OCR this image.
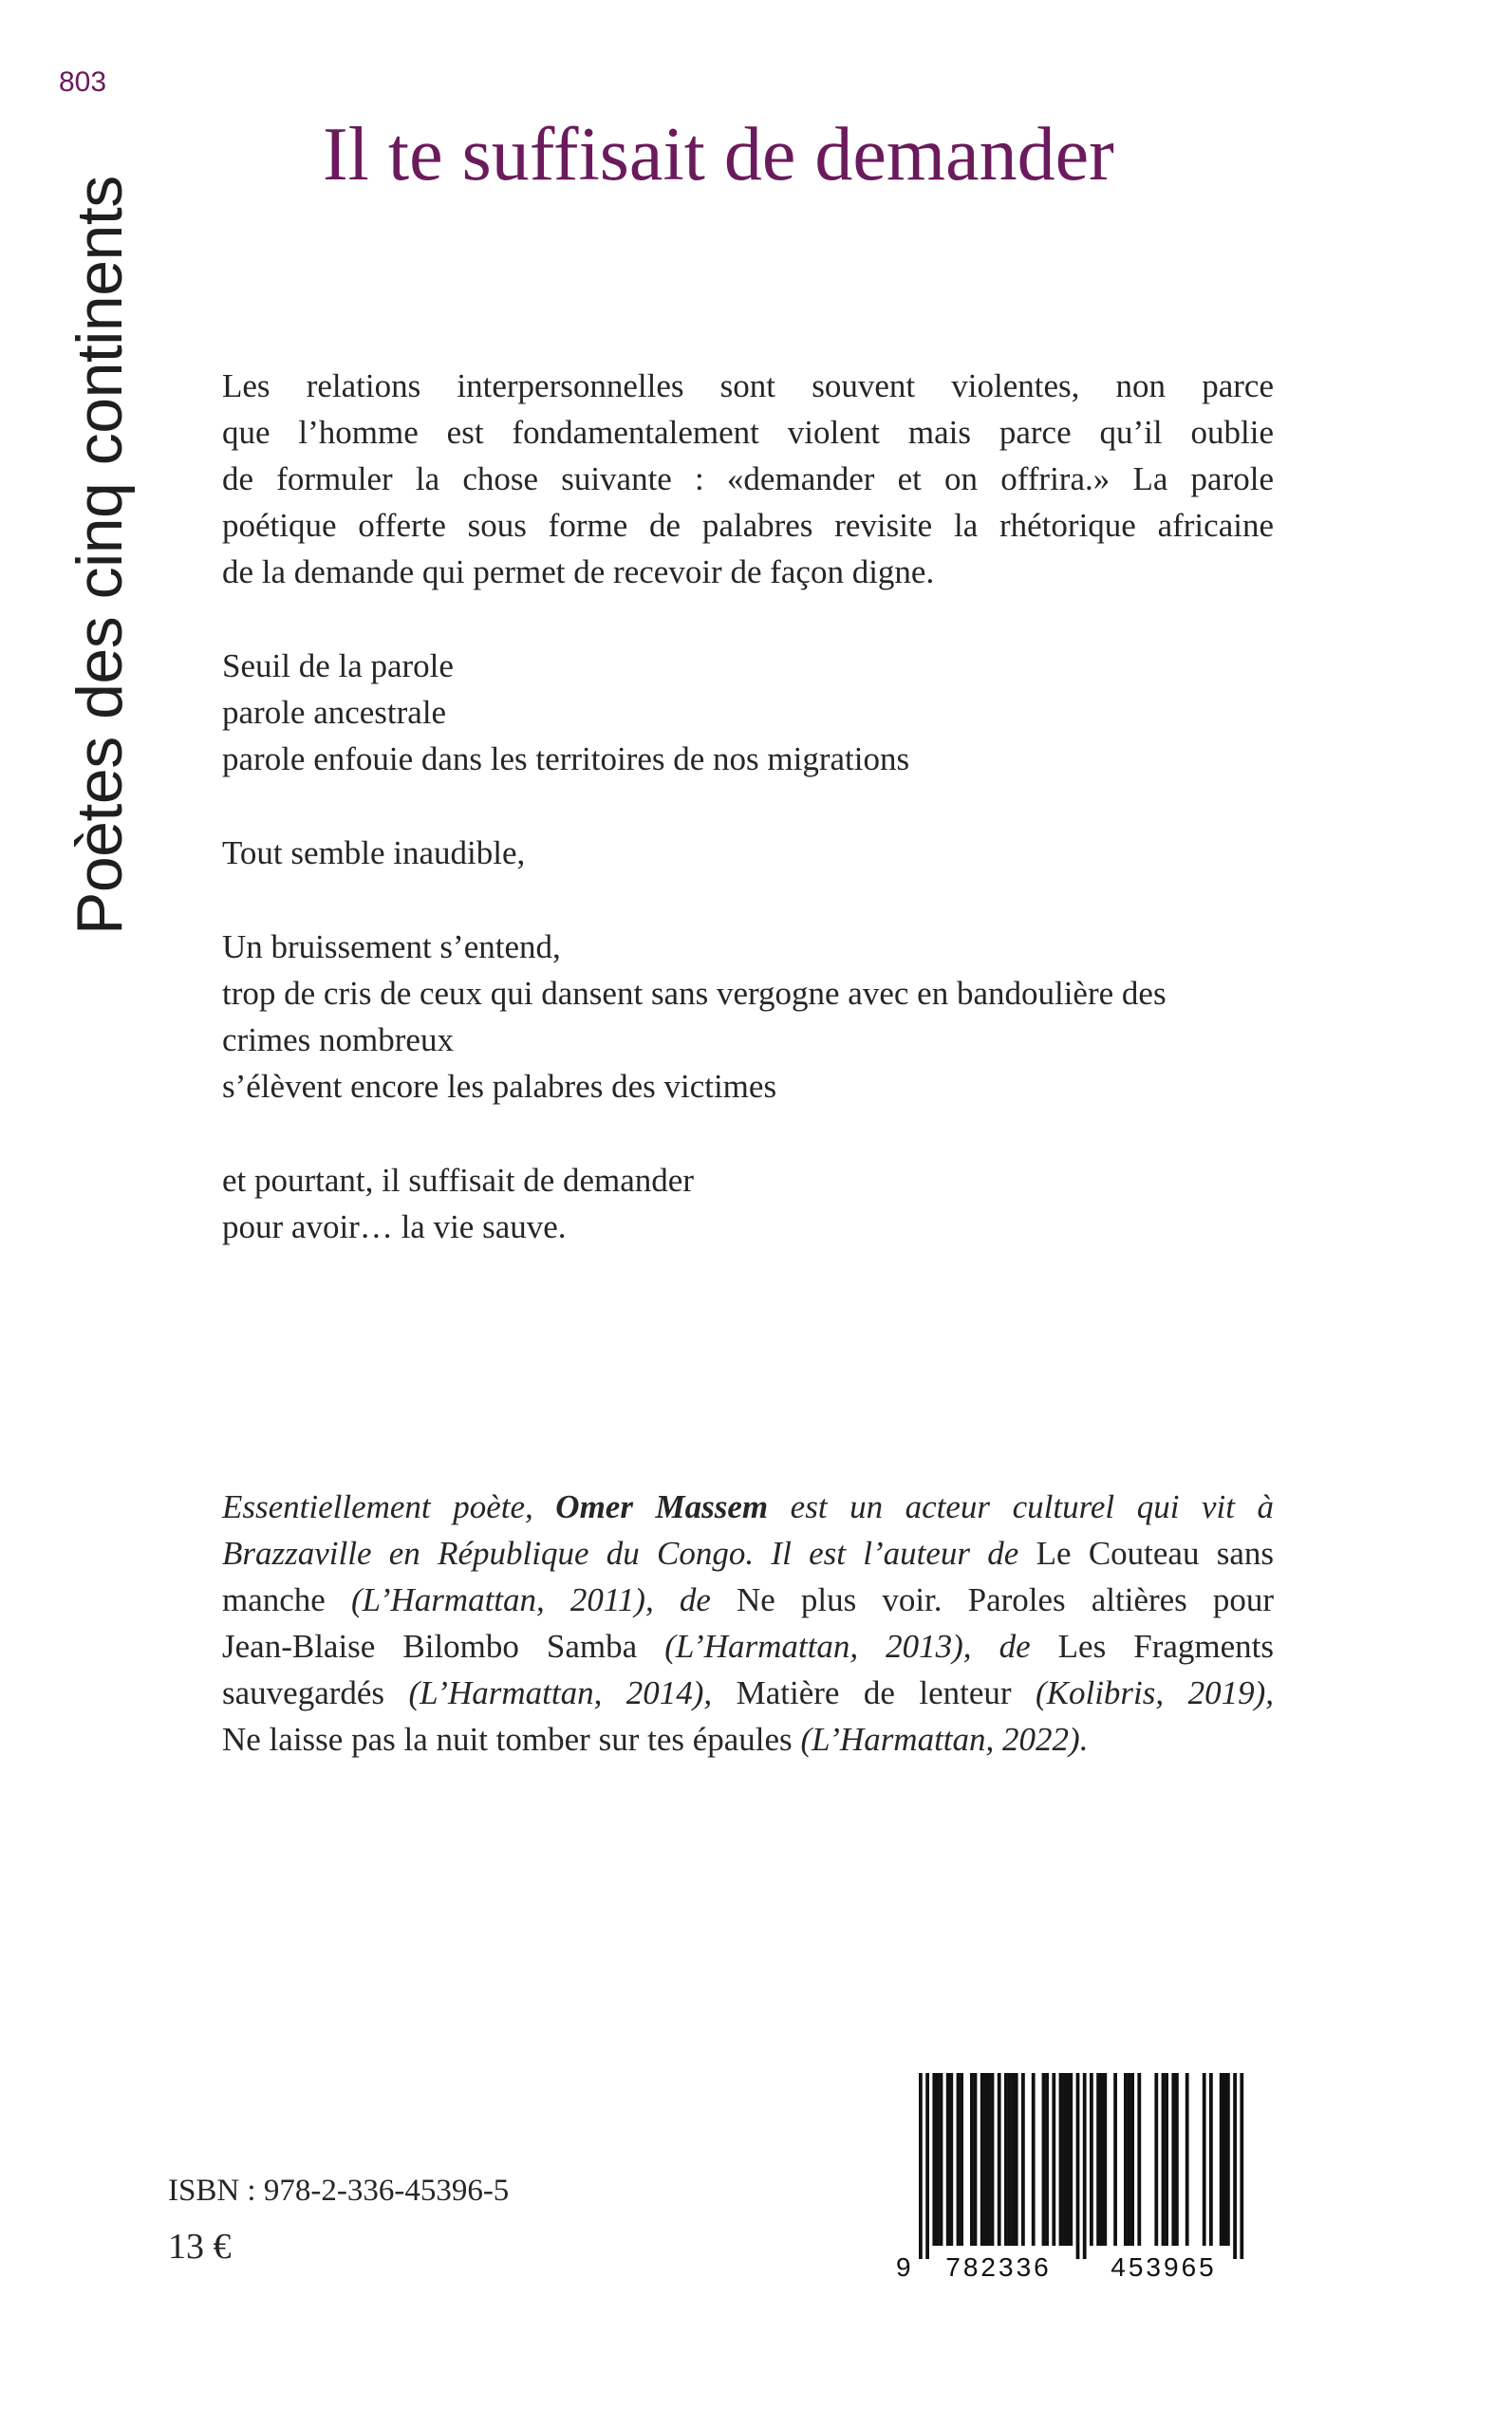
803
Poètes des cinq continents
Il te suffisait de demander
Les relations interpersonnelles sont souvent violentes, non parce
que l’homme est fondamentalement violent mais parce qu’il oublie
de formuler la chose suivante : «demander et on offrira.» La parole
poétique offerte sous forme de palabres revisite la rhétorique africaine
de la demande qui permet de recevoir de façon digne.
Seuil de la parole
parole ancestrale
parole enfouie dans les territoires de nos migrations
Tout semble inaudible,
Un bruissement s’entend,
trop de cris de ceux qui dansent sans vergogne avec en bandoulière des
crimes nombreux
s’élèvent encore les palabres des victimes
et pourtant, il suffisait de demander
pour avoir… la vie sauve.
Essentiellement poète, Omer Massem est un acteur culturel qui vit à
Brazzaville en République du Congo. Il est l’auteur de Le Couteau sans
manche (L’Harmattan, 2011), de Ne plus voir. Paroles altières pour
Jean-Blaise Bilombo Samba (L’Harmattan, 2013), de Les Fragments
sauvegardés (L’Harmattan, 2014), Matière de lenteur (Kolibris, 2019),
Ne laisse pas la nuit tomber sur tes épaules (L’Harmattan, 2022).
ISBN : 978-2-336-45396-5
13 €
9 782336 453965
